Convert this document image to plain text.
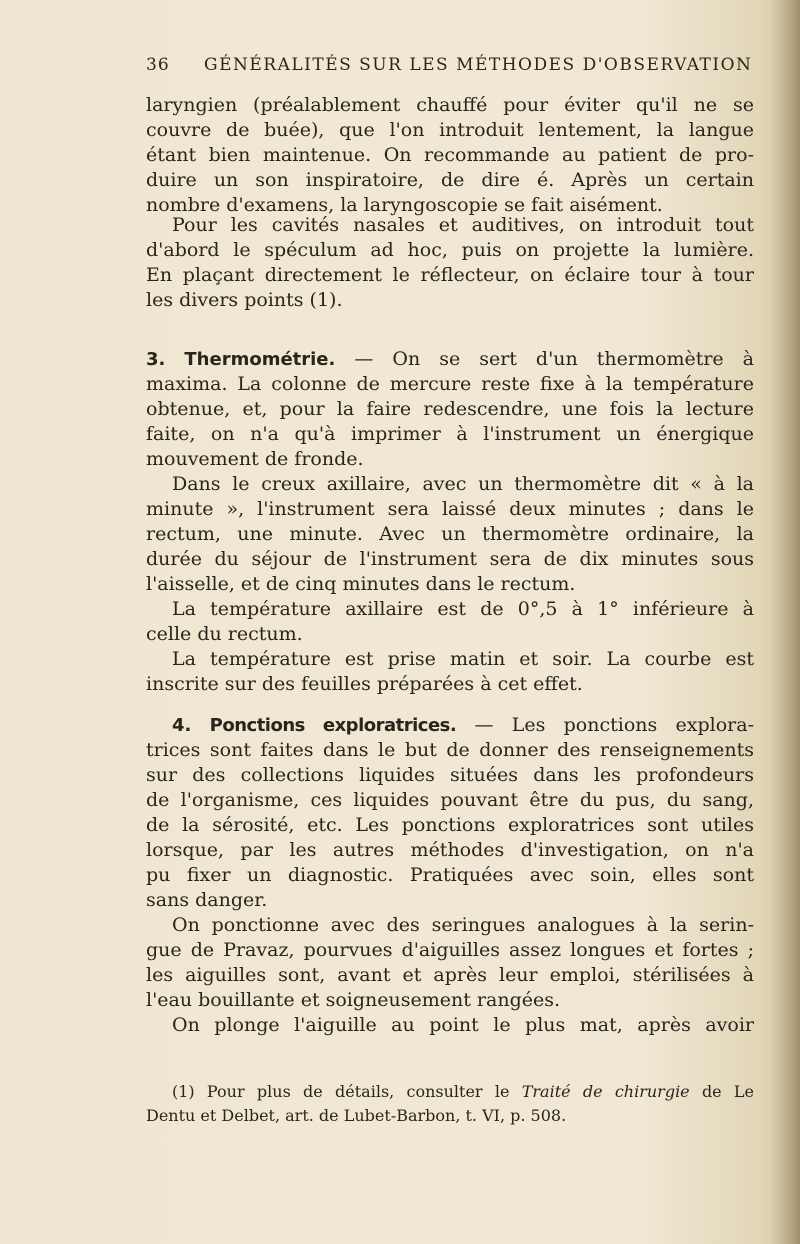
36 GÉNÉRALITÉS SUR LES MÉTHODES D'OBSERVATION
laryngien (préalablement chauffé pour éviter qu'il ne se
couvre de buée), que l'on introduit lentement, la langue
étant bien maintenue. On recommande au patient de pro-
duire un son inspiratoire, de dire é. Après un certain
nombre d'examens, la laryngoscopie se fait aisément.
Pour les cavités nasales et auditives, on introduit tout
d'abord le spéculum ad hoc, puis on projette la lumière.
En plaçant directement le réflecteur, on éclaire tour à tour
les divers points (1).
3. Thermométrie. — On se sert d'un thermomètre à
maxima. La colonne de mercure reste fixe à la température
obtenue, et, pour la faire redescendre, une fois la lecture
faite, on n'a qu'à imprimer à l'instrument un énergique
mouvement de fronde.
Dans le creux axillaire, avec un thermomètre dit « à la
minute », l'instrument sera laissé deux minutes ; dans le
rectum, une minute. Avec un thermomètre ordinaire, la
durée du séjour de l'instrument sera de dix minutes sous
l'aisselle, et de cinq minutes dans le rectum.
La température axillaire est de 0°,5 à 1° inférieure à
celle du rectum.
La température est prise matin et soir. La courbe est
inscrite sur des feuilles préparées à cet effet.
4. Ponctions exploratrices. — Les ponctions explora-
trices sont faites dans le but de donner des renseignements
sur des collections liquides situées dans les profondeurs
de l'organisme, ces liquides pouvant être du pus, du sang,
de la sérosité, etc. Les ponctions exploratrices sont utiles
lorsque, par les autres méthodes d'investigation, on n'a
pu fixer un diagnostic. Pratiquées avec soin, elles sont
sans danger.
On ponctionne avec des seringues analogues à la serin-
gue de Pravaz, pourvues d'aiguilles assez longues et fortes ;
les aiguilles sont, avant et après leur emploi, stérilisées à
l'eau bouillante et soigneusement rangées.
On plonge l'aiguille au point le plus mat, après avoir
(1) Pour plus de détails, consulter le Traité de chirurgie de Le
Dentu et Delbet, art. de Lubet-Barbon, t. VI, p. 508.
